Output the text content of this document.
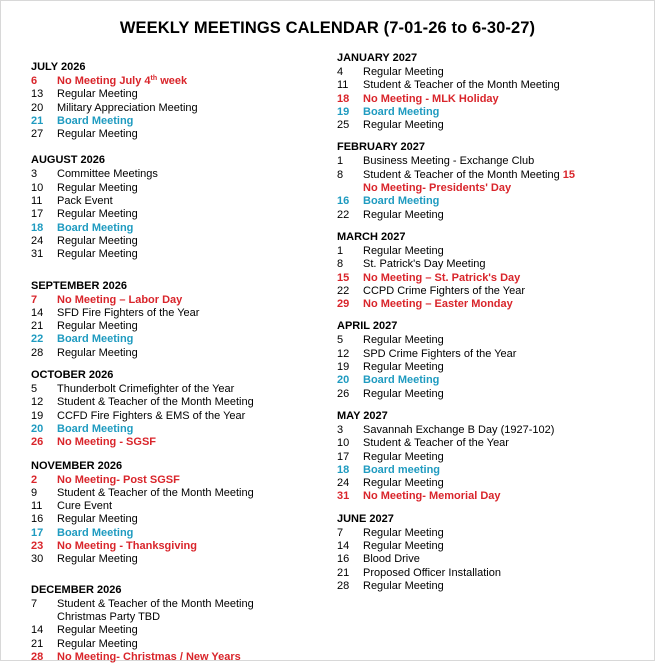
WEEKLY MEETINGS CALENDAR (7-01-26 to 6-30-27)
JULY 2026
6	No Meeting July 4th week
13	Regular Meeting
20	Military Appreciation Meeting
21	Board Meeting
27	Regular Meeting
AUGUST 2026
3	Committee Meetings
10	Regular Meeting
11	Pack Event
17	Regular Meeting
18	Board Meeting
24	Regular Meeting
31	Regular Meeting
SEPTEMBER 2026
7	No Meeting – Labor Day
14	SFD Fire Fighters of the Year
21	Regular Meeting
22	Board Meeting
28	Regular Meeting
OCTOBER 2026
5	Thunderbolt Crimefighter of the Year
12	Student & Teacher of the Month Meeting
19	CCFD Fire Fighters & EMS of the Year
20	Board Meeting
26	No Meeting - SGSF
NOVEMBER 2026
2	No Meeting- Post SGSF
9	Student & Teacher of the Month Meeting
11	Cure Event
16	Regular Meeting
17	Board Meeting
23	No Meeting - Thanksgiving
30	Regular Meeting
DECEMBER 2026
7	Student & Teacher of the Month Meeting
Christmas Party TBD
14	Regular Meeting
21	Regular Meeting
28	No Meeting- Christmas / New Years
JANUARY 2027
4	Regular Meeting
11	Student & Teacher of the Month Meeting
18	No Meeting - MLK Holiday
19	Board Meeting
25	Regular Meeting
FEBRUARY 2027
1	Business Meeting - Exchange Club
8	Student & Teacher of the Month Meeting 15
No Meeting- Presidents' Day
16	Board Meeting
22	Regular Meeting
MARCH 2027
1	Regular Meeting
8	St. Patrick's Day Meeting
15	No Meeting – St. Patrick's Day
22	CCPD Crime Fighters of the Year
29	No Meeting – Easter Monday
APRIL 2027
5	Regular Meeting
12	SPD Crime Fighters of the Year
19	Regular Meeting
20	Board Meeting
26	Regular Meeting
MAY 2027
3	Savannah Exchange B Day (1927-102)
10	Student & Teacher of the Year
17	Regular Meeting
18	Board meeting
24	Regular Meeting
31	No Meeting- Memorial Day
JUNE 2027
7	Regular Meeting
14	Regular Meeting
16	Blood Drive
21	Proposed Officer Installation
28	Regular Meeting
